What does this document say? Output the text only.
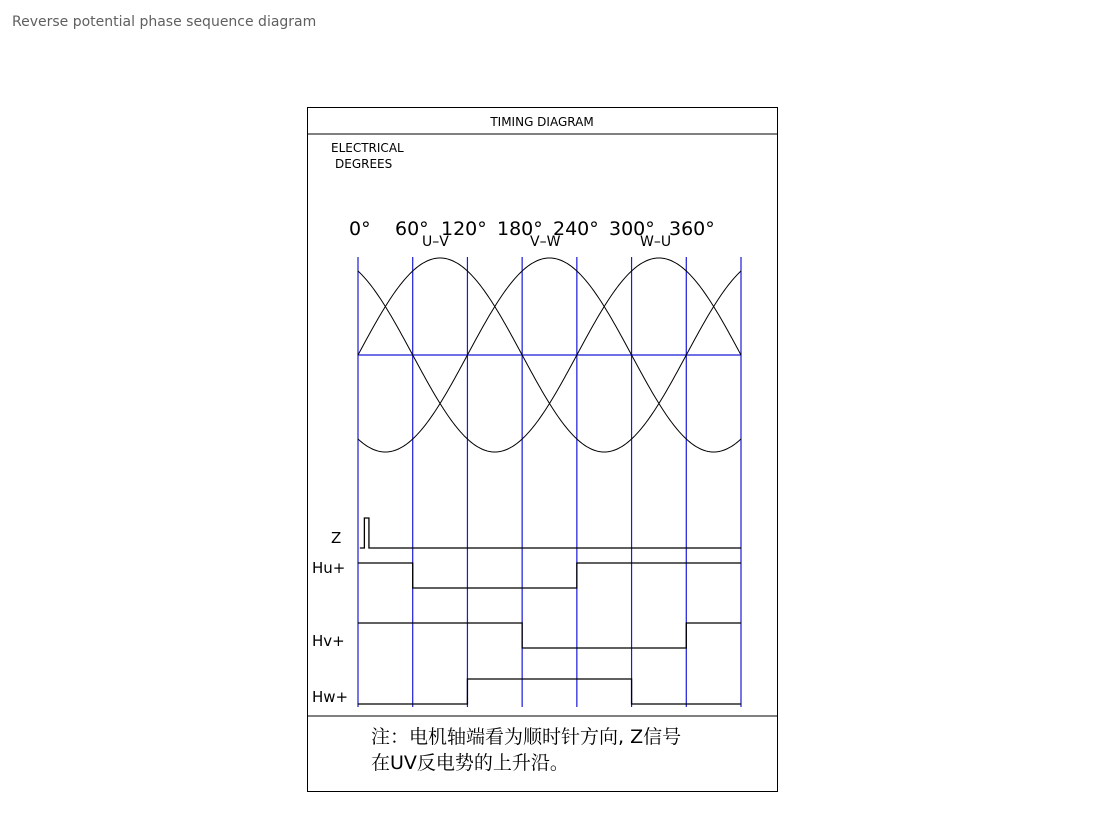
Reverse potential phase sequence diagram
TIMING DIAGRAM
ELECTRICAL
DEGREES
0° 60° 120° 180° 240° 300° 360°
U–V	V–W	W–U
Z
Hu+
Hv+
Hw+
注：电机轴端看为顺时针方向, Z信号
在UV反电势的上升沿。
